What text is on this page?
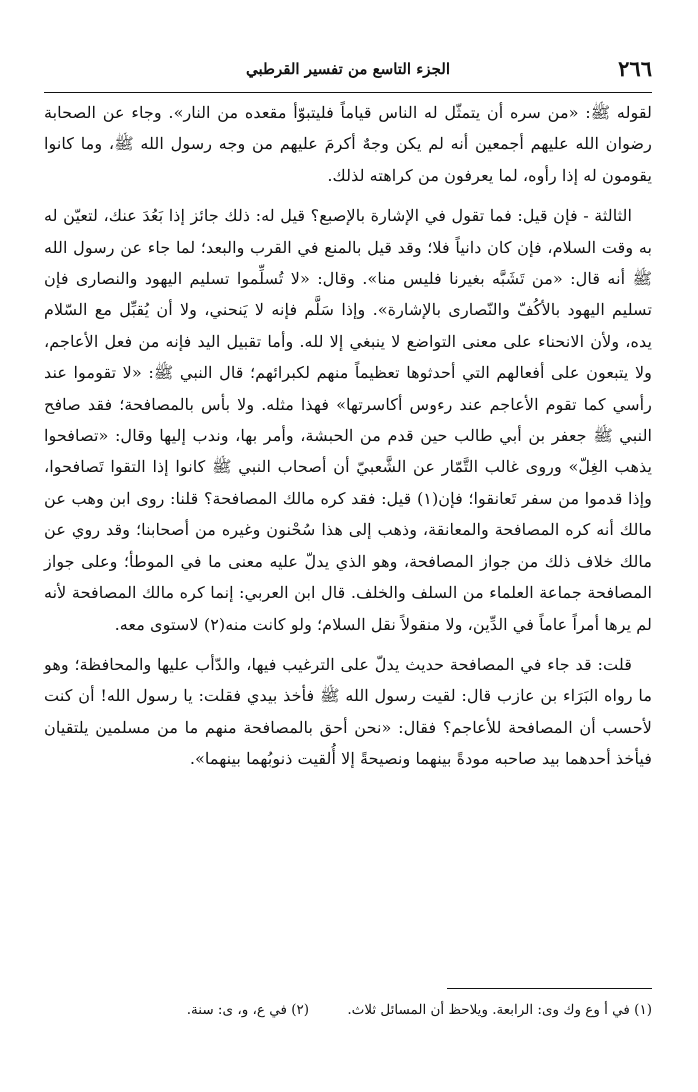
٢٦٦
الجزء التاسع من تفسير القرطبي

لقوله ﷺ: «من سره أن يتمثّل له الناس قياماً فليتبوّأ مقعده من النار». وجاء عن الصحابة رضوان الله عليهم أجمعين أنه لم يكن وجهٌ أكرمَ عليهم من وجه رسول الله ﷺ، وما كانوا يقومون له إذا رأوه، لما يعرفون من كراهته لذلك.

الثالثة - فإن قيل: فما تقول في الإشارة بالإصبع؟ قيل له: ذلك جائز إذا بَعُدَ عنك، لتعيّن له به وقت السلام، فإن كان دانياً فلا؛ وقد قيل بالمنع في القرب والبعد؛ لما جاء عن رسول الله ﷺ أنه قال: «من تَشَبَّه بغيرنا فليس منا». وقال: «لا تُسلِّموا تسليم اليهود والنصارى فإن تسليم اليهود بالأكُفّ والنّصارى بالإشارة». وإذا سَلَّم فإنه لا يَنحني، ولا أن يُقبِّل مع السّلام يده، ولأن الانحناء على معنى التواضع لا ينبغي إلا لله. وأما تقبيل اليد فإنه من فعل الأعاجم، ولا يتبعون على أفعالهم التي أحدثوها تعظيماً منهم لكبرائهم؛ قال النبي ﷺ: «لا تقوموا عند رأسي كما تقوم الأعاجم عند رءوس أكاسرتها» فهذا مثله. ولا بأس بالمصافحة؛ فقد صافح النبي ﷺ جعفر بن أبي طالب حين قدم من الحبشة، وأمر بها، وندب إليها وقال: «تصافحوا يذهب الغِلّ» وروى غالب التَّمّار عن الشَّعبيّ أن أصحاب النبي ﷺ كانوا إذا التقوا تَصافحوا، وإذا قدموا من سفر تَعانقوا؛ فإن(١) قيل: فقد كره مالك المصافحة؟ قلنا: روى ابن وهب عن مالك أنه كره المصافحة والمعانقة، وذهب إلى هذا سُحْنون وغيره من أصحابنا؛ وقد روي عن مالك خلاف ذلك من جواز المصافحة، وهو الذي يدلّ عليه معنى ما في الموطأ؛ وعلى جواز المصافحة جماعة العلماء من السلف والخلف. قال ابن العربي: إنما كره مالك المصافحة لأنه لم يرها أمراً عاماً في الدِّين، ولا منقولاً نقل السلام؛ ولو كانت منه(٢) لاستوى معه.

قلت: قد جاء في المصافحة حديث يدلّ على الترغيب فيها، والدّأب عليها والمحافظة؛ وهو ما رواه البَرَاء بن عازب قال: لقيت رسول الله ﷺ فأخذ بيدي فقلت: يا رسول الله! أن كنت لأحسب أن المصافحة للأعاجم؟ فقال: «نحن أحق بالمصافحة منهم ما من مسلمين يلتقيان فيأخذ أحدهما بيد صاحبه مودةً بينهما ونصيحةً إلا أُلقيت ذنوبُهما بينهما».

(١) في أ وع وك وى: الرابعة. ويلاحظ أن المسائل ثلاث. (٢) في ع، و، ى: سنة.
